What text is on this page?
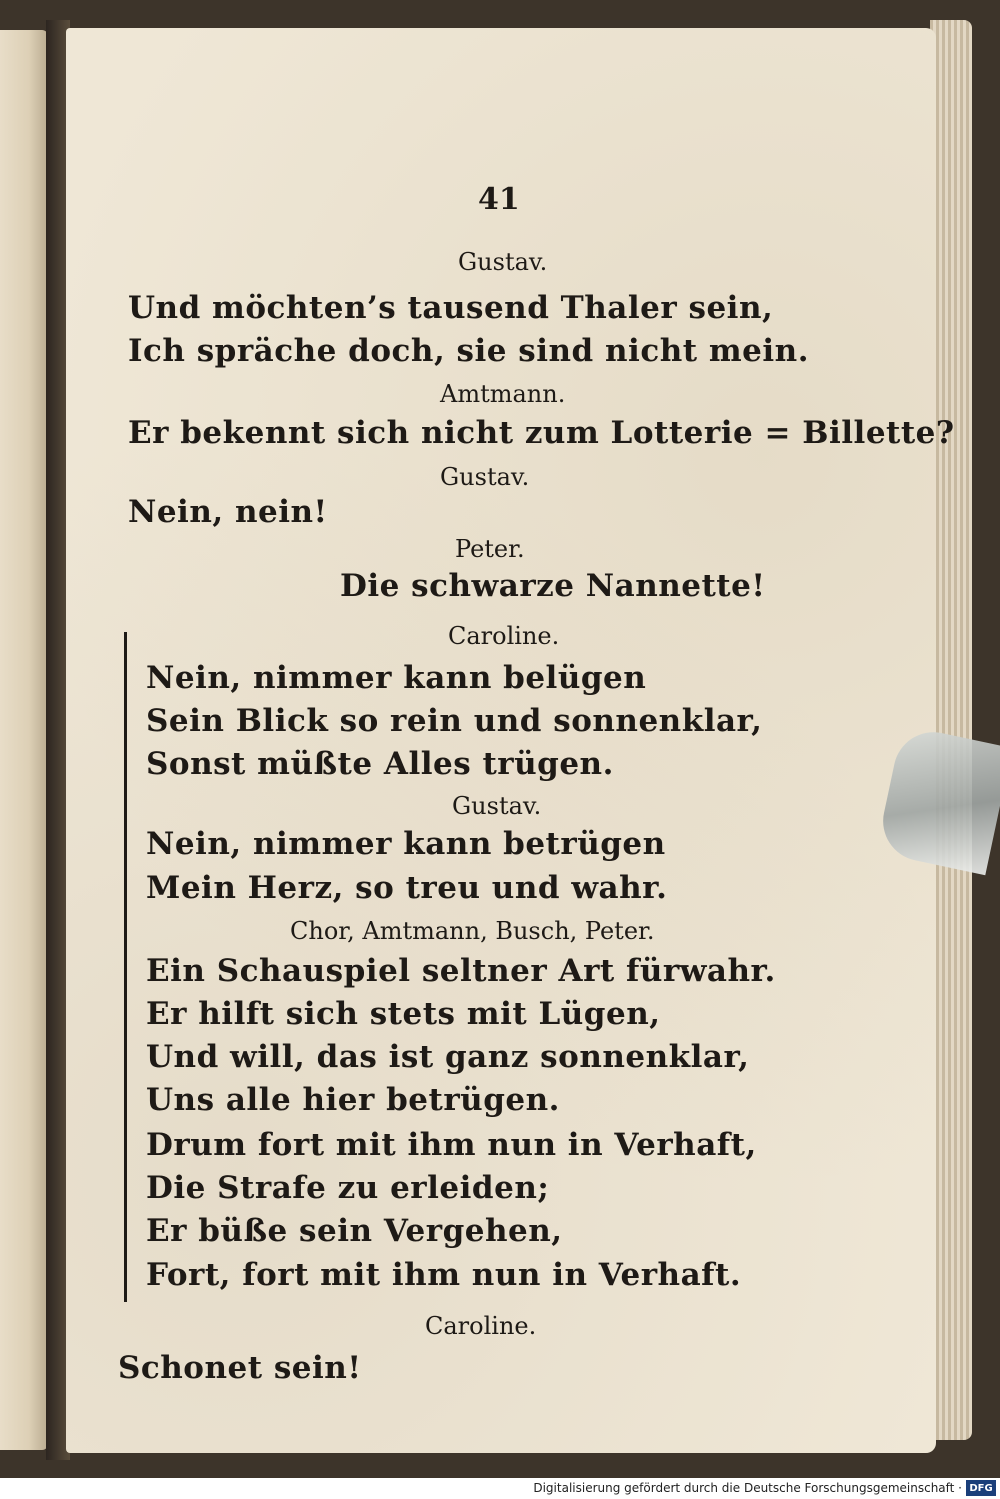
41
Gustav.
Und möchten’s tausend Thaler sein,
Ich spräche doch, sie sind nicht mein.
Amtmann.
Er bekennt sich nicht zum Lotterie = Billette?
Gustav.
Nein, nein!
Peter.
Die schwarze Nannette!
Caroline.
Nein, nimmer kann belügen
Sein Blick so rein und sonnenklar,
Sonst müßte Alles trügen.
Gustav.
Nein, nimmer kann betrügen
Mein Herz, so treu und wahr.
Chor, Amtmann, Busch, Peter.
Ein Schauspiel seltner Art fürwahr.
Er hilft sich stets mit Lügen,
Und will, das ist ganz sonnenklar,
Uns alle hier betrügen.
Drum fort mit ihm nun in Verhaft,
Die Strafe zu erleiden;
Er büße sein Vergehen,
Fort, fort mit ihm nun in Verhaft.
Caroline.
Schonet sein!
Digitalisierung gefördert durch die Deutsche Forschungsgemeinschaft · DFG
